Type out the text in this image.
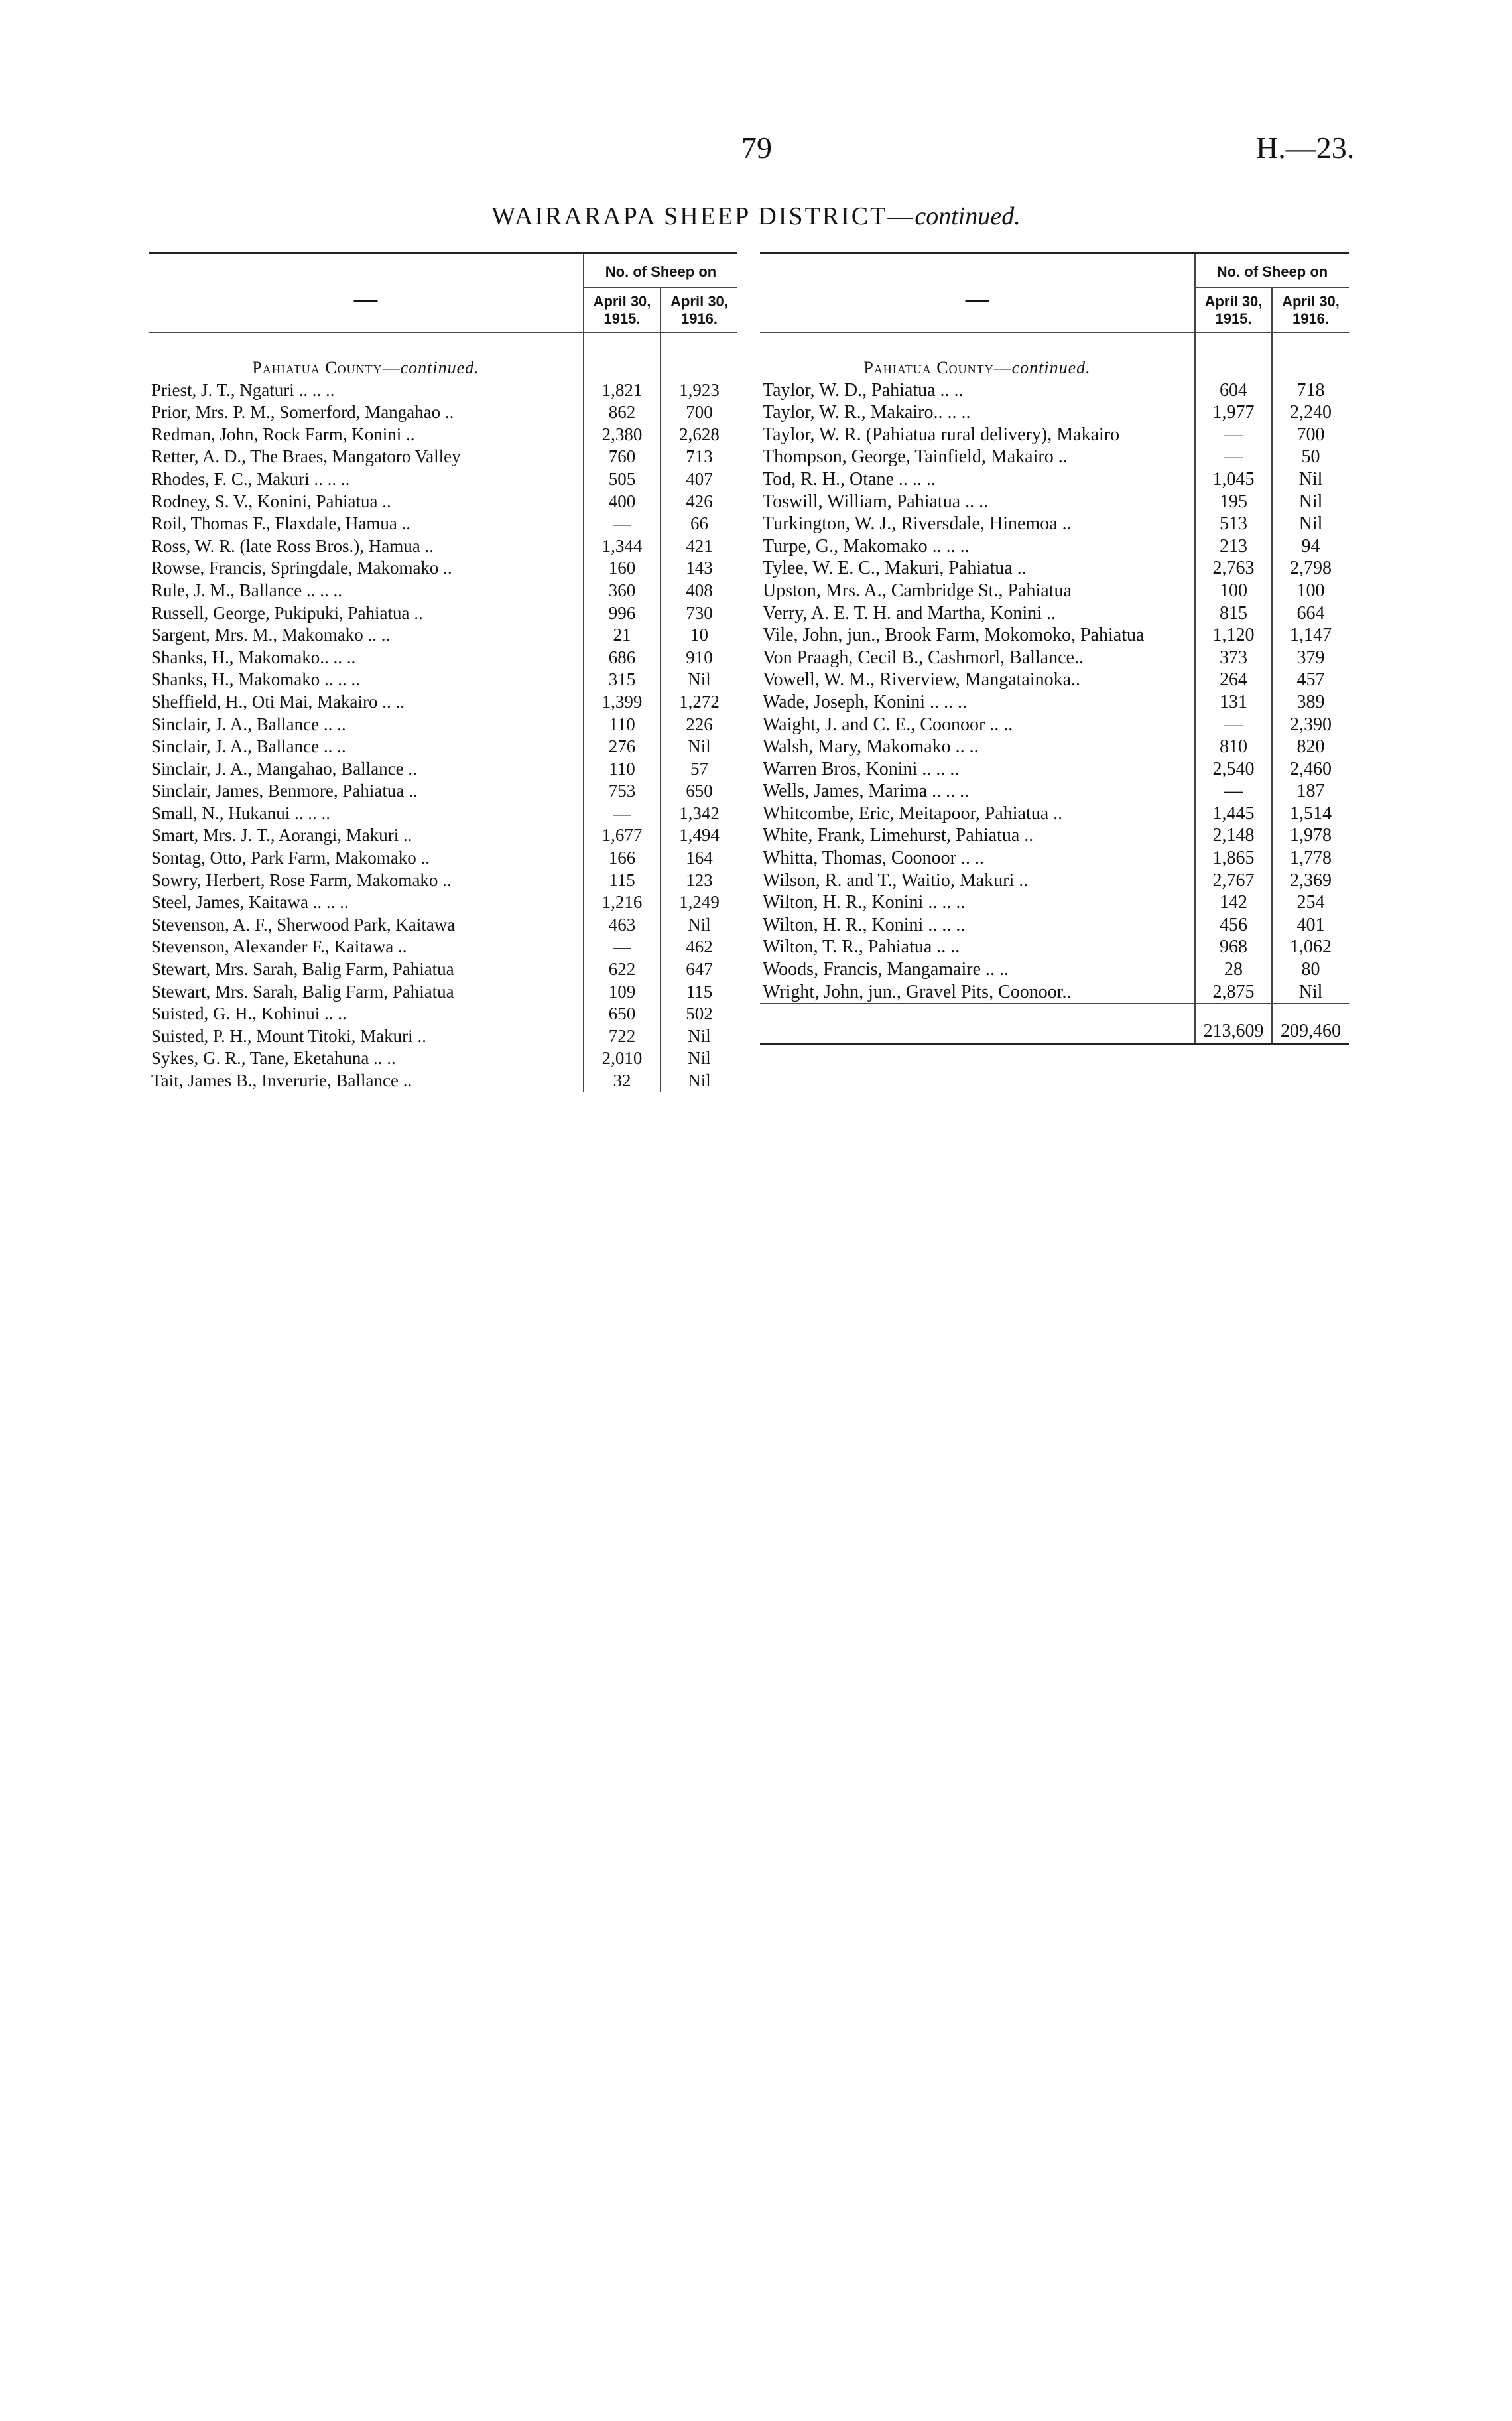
79	H.—23.
WAIRARAPA SHEEP DISTRICT—continued.
—	No. of Sheep on	
	April 30, 1915.	April 30, 1916.
Pahiatua County—continued.		
Priest, J. T., Ngaturi .. .. ..	1,821	1,923
Prior, Mrs. P. M., Somerford, Mangahao ..	862	700
Redman, John, Rock Farm, Konini ..	2,380	2,628
Retter, A. D., The Braes, Mangatoro Valley	760	713
Rhodes, F. C., Makuri .. .. ..	505	407
Rodney, S. V., Konini, Pahiatua ..	400	426
Roil, Thomas F., Flaxdale, Hamua ..	—	66
Ross, W. R. (late Ross Bros.), Hamua ..	1,344	421
Rowse, Francis, Springdale, Makomako ..	160	143
Rule, J. M., Ballance .. .. ..	360	408
Russell, George, Pukipuki, Pahiatua ..	996	730
Sargent, Mrs. M., Makomako .. ..	21	10
Shanks, H., Makomako.. .. ..	686	910
Shanks, H., Makomako .. .. ..	315	Nil
Sheffield, H., Oti Mai, Makairo .. ..	1,399	1,272
Sinclair, J. A., Ballance .. ..	110	226
Sinclair, J. A., Ballance .. ..	276	Nil
Sinclair, J. A., Mangahao, Ballance ..	110	57
Sinclair, James, Benmore, Pahiatua ..	753	650
Small, N., Hukanui .. .. ..	—	1,342
Smart, Mrs. J. T., Aorangi, Makuri ..	1,677	1,494
Sontag, Otto, Park Farm, Makomako ..	166	164
Sowry, Herbert, Rose Farm, Makomako ..	115	123
Steel, James, Kaitawa .. .. ..	1,216	1,249
Stevenson, A. F., Sherwood Park, Kaitawa	463	Nil
Stevenson, Alexander F., Kaitawa ..	—	462
Stewart, Mrs. Sarah, Balig Farm, Pahiatua	622	647
Stewart, Mrs. Sarah, Balig Farm, Pahiatua	109	115
Suisted, G. H., Kohinui .. ..	650	502
Suisted, P. H., Mount Titoki, Makuri ..	722	Nil
Sykes, G. R., Tane, Eketahuna .. ..	2,010	Nil
Tait, James B., Inverurie, Ballance ..	32	Nil
—	No. of Sheep on	
	April 30, 1915.	April 30, 1916.
Pahiatua County—continued.		
Taylor, W. D., Pahiatua .. ..	604	718
Taylor, W. R., Makairo.. .. ..	1,977	2,240
Taylor, W. R. (Pahiatua rural delivery), Makairo	—	700
Thompson, George, Tainfield, Makairo ..	—	50
Tod, R. H., Otane .. .. ..	1,045	Nil
Toswill, William, Pahiatua .. ..	195	Nil
Turkington, W. J., Riversdale, Hinemoa ..	513	Nil
Turpe, G., Makomako .. .. ..	213	94
Tylee, W. E. C., Makuri, Pahiatua ..	2,763	2,798
Upston, Mrs. A., Cambridge St., Pahiatua	100	100
Verry, A. E. T. H. and Martha, Konini ..	815	664
Vile, John, jun., Brook Farm, Mokomoko, Pahiatua	1,120	1,147
Von Praagh, Cecil B., Cashmorl, Ballance..	373	379
Vowell, W. M., Riverview, Mangatainoka..	264	457
Wade, Joseph, Konini .. .. ..	131	389
Waight, J. and C. E., Coonoor .. ..	—	2,390
Walsh, Mary, Makomako .. ..	810	820
Warren Bros, Konini .. .. ..	2,540	2,460
Wells, James, Marima .. .. ..	—	187
Whitcombe, Eric, Meitapoor, Pahiatua ..	1,445	1,514
White, Frank, Limehurst, Pahiatua ..	2,148	1,978
Whitta, Thomas, Coonoor .. ..	1,865	1,778
Wilson, R. and T., Waitio, Makuri ..	2,767	2,369
Wilton, H. R., Konini .. .. ..	142	254
Wilton, H. R., Konini .. .. ..	456	401
Wilton, T. R., Pahiatua .. ..	968	1,062
Woods, Francis, Mangamaire .. ..	28	80
Wright, John, jun., Gravel Pits, Coonoor..	2,875	Nil
	213,609	209,460
